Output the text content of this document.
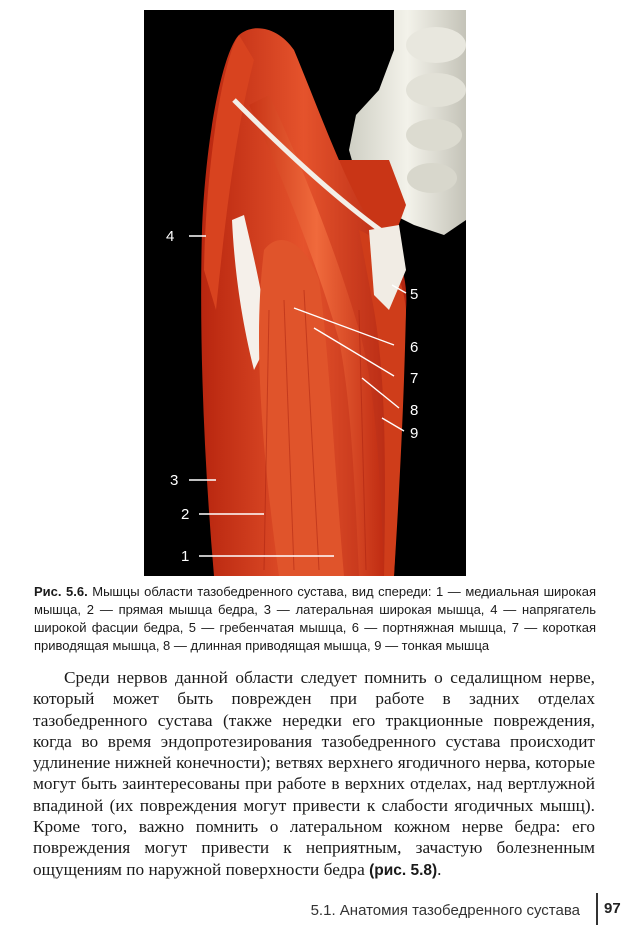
1
2
3
4
5
6
7
8
9
Рис. 5.6. Мышцы области тазобедренного сустава, вид спереди: 1 — медиальная широкая мышца, 2 — прямая мышца бедра, 3 — латеральная широкая мышца, 4 — напрягатель широкой фасции бедра, 5 — гребенчатая мышца, 6 — портняжная мышца, 7 — короткая приводящая мышца, 8 — длинная приводящая мышца, 9 — тонкая мышца

Среди нервов данной области следует помнить о седалищном нерве, который может быть поврежден при работе в задних отделах тазобедренного сустава (также нередки его тракционные повреждения, когда во время эндопротезирования тазобедренного сустава происходит удлинение нижней конечности); ветвях верхнего ягодичного нерва, которые могут быть заинтересованы при работе в верхних отделах, над вертлужной впадиной (их повреждения могут привести к слабости ягодичных мышц). Кроме того, важно помнить о латеральном кожном нерве бедра: его повреждения могут привести к неприятным, зачастую болезненным ощущениям по наружной поверхности бедра (рис. 5.8).

5.1. Анатомия тазобедренного сустава 97
